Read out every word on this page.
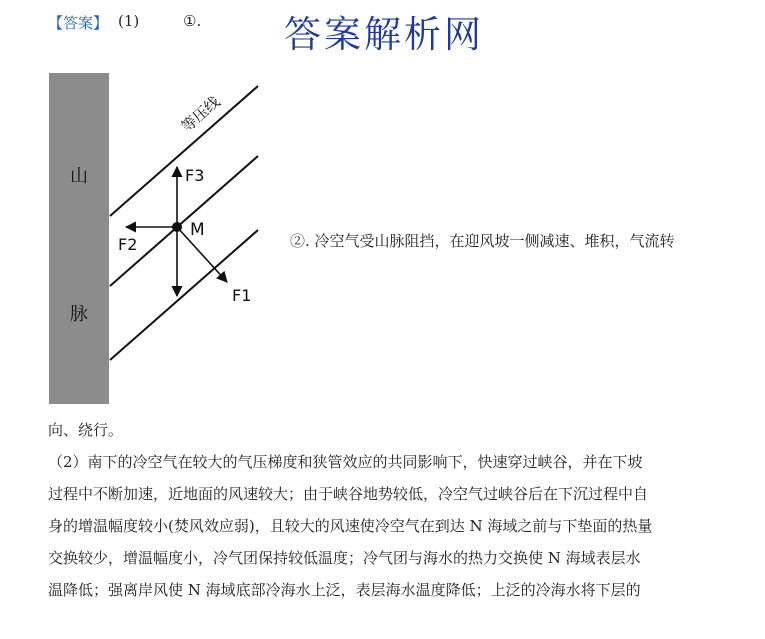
【答案】 (1)	①. 答案解析网
山
脉
等压线
M
F3
F2
F1
②. 冷空气受山脉阻挡，在迎风坡一侧减速、堆积，气流转
向、绕行。
（2）南下的冷空气在较大的气压梯度和狭管效应的共同影响下，快速穿过峡谷，并在下坡
过程中不断加速，近地面的风速较大；由于峡谷地势较低，冷空气过峡谷后在下沉过程中自
身的增温幅度较小(焚风效应弱)，且较大的风速使冷空气在到达 N 海域之前与下垫面的热量
交换较少，增温幅度小，冷气团保持较低温度；冷气团与海水的热力交换使 N 海域表层水
温降低；强离岸风使 N 海域底部冷海水上泛，表层海水温度降低；上泛的冷海水将下层的
